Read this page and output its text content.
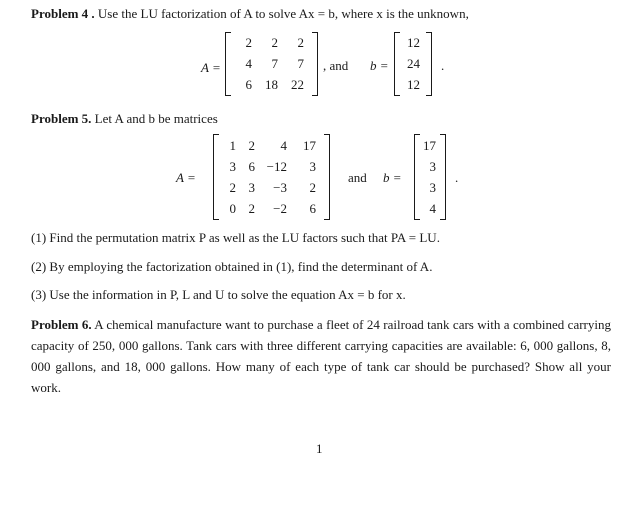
Problem 4 . Use the LU factorization of A to solve Ax = b, where x is the unknown,
A =
2	2	2
4	7	7
6	18	22
, and b =
12
24
12
.
Problem 5. Let A and b be matrices
A =
1 2	4	17
3 6 −12	3
2 3	−3	2
0 2	−2	6
and b =
17
3
3
4
.
(1) Find the permutation matrix P as well as the LU factors such that PA = LU.
(2) By employing the factorization obtained in (1), find the determinant of A.
(3) Use the information in P, L and U to solve the equation Ax = b for x.
Problem 6. A chemical manufacture want to purchase a fleet of 24 railroad tank cars with a combined carrying capacity of 250, 000 gallons. Tank cars with three different carrying capacities are available: 6, 000 gallons, 8, 000 gallons, and 18, 000 gallons. How many of each type of tank car should be purchased? Show all your work.
1
